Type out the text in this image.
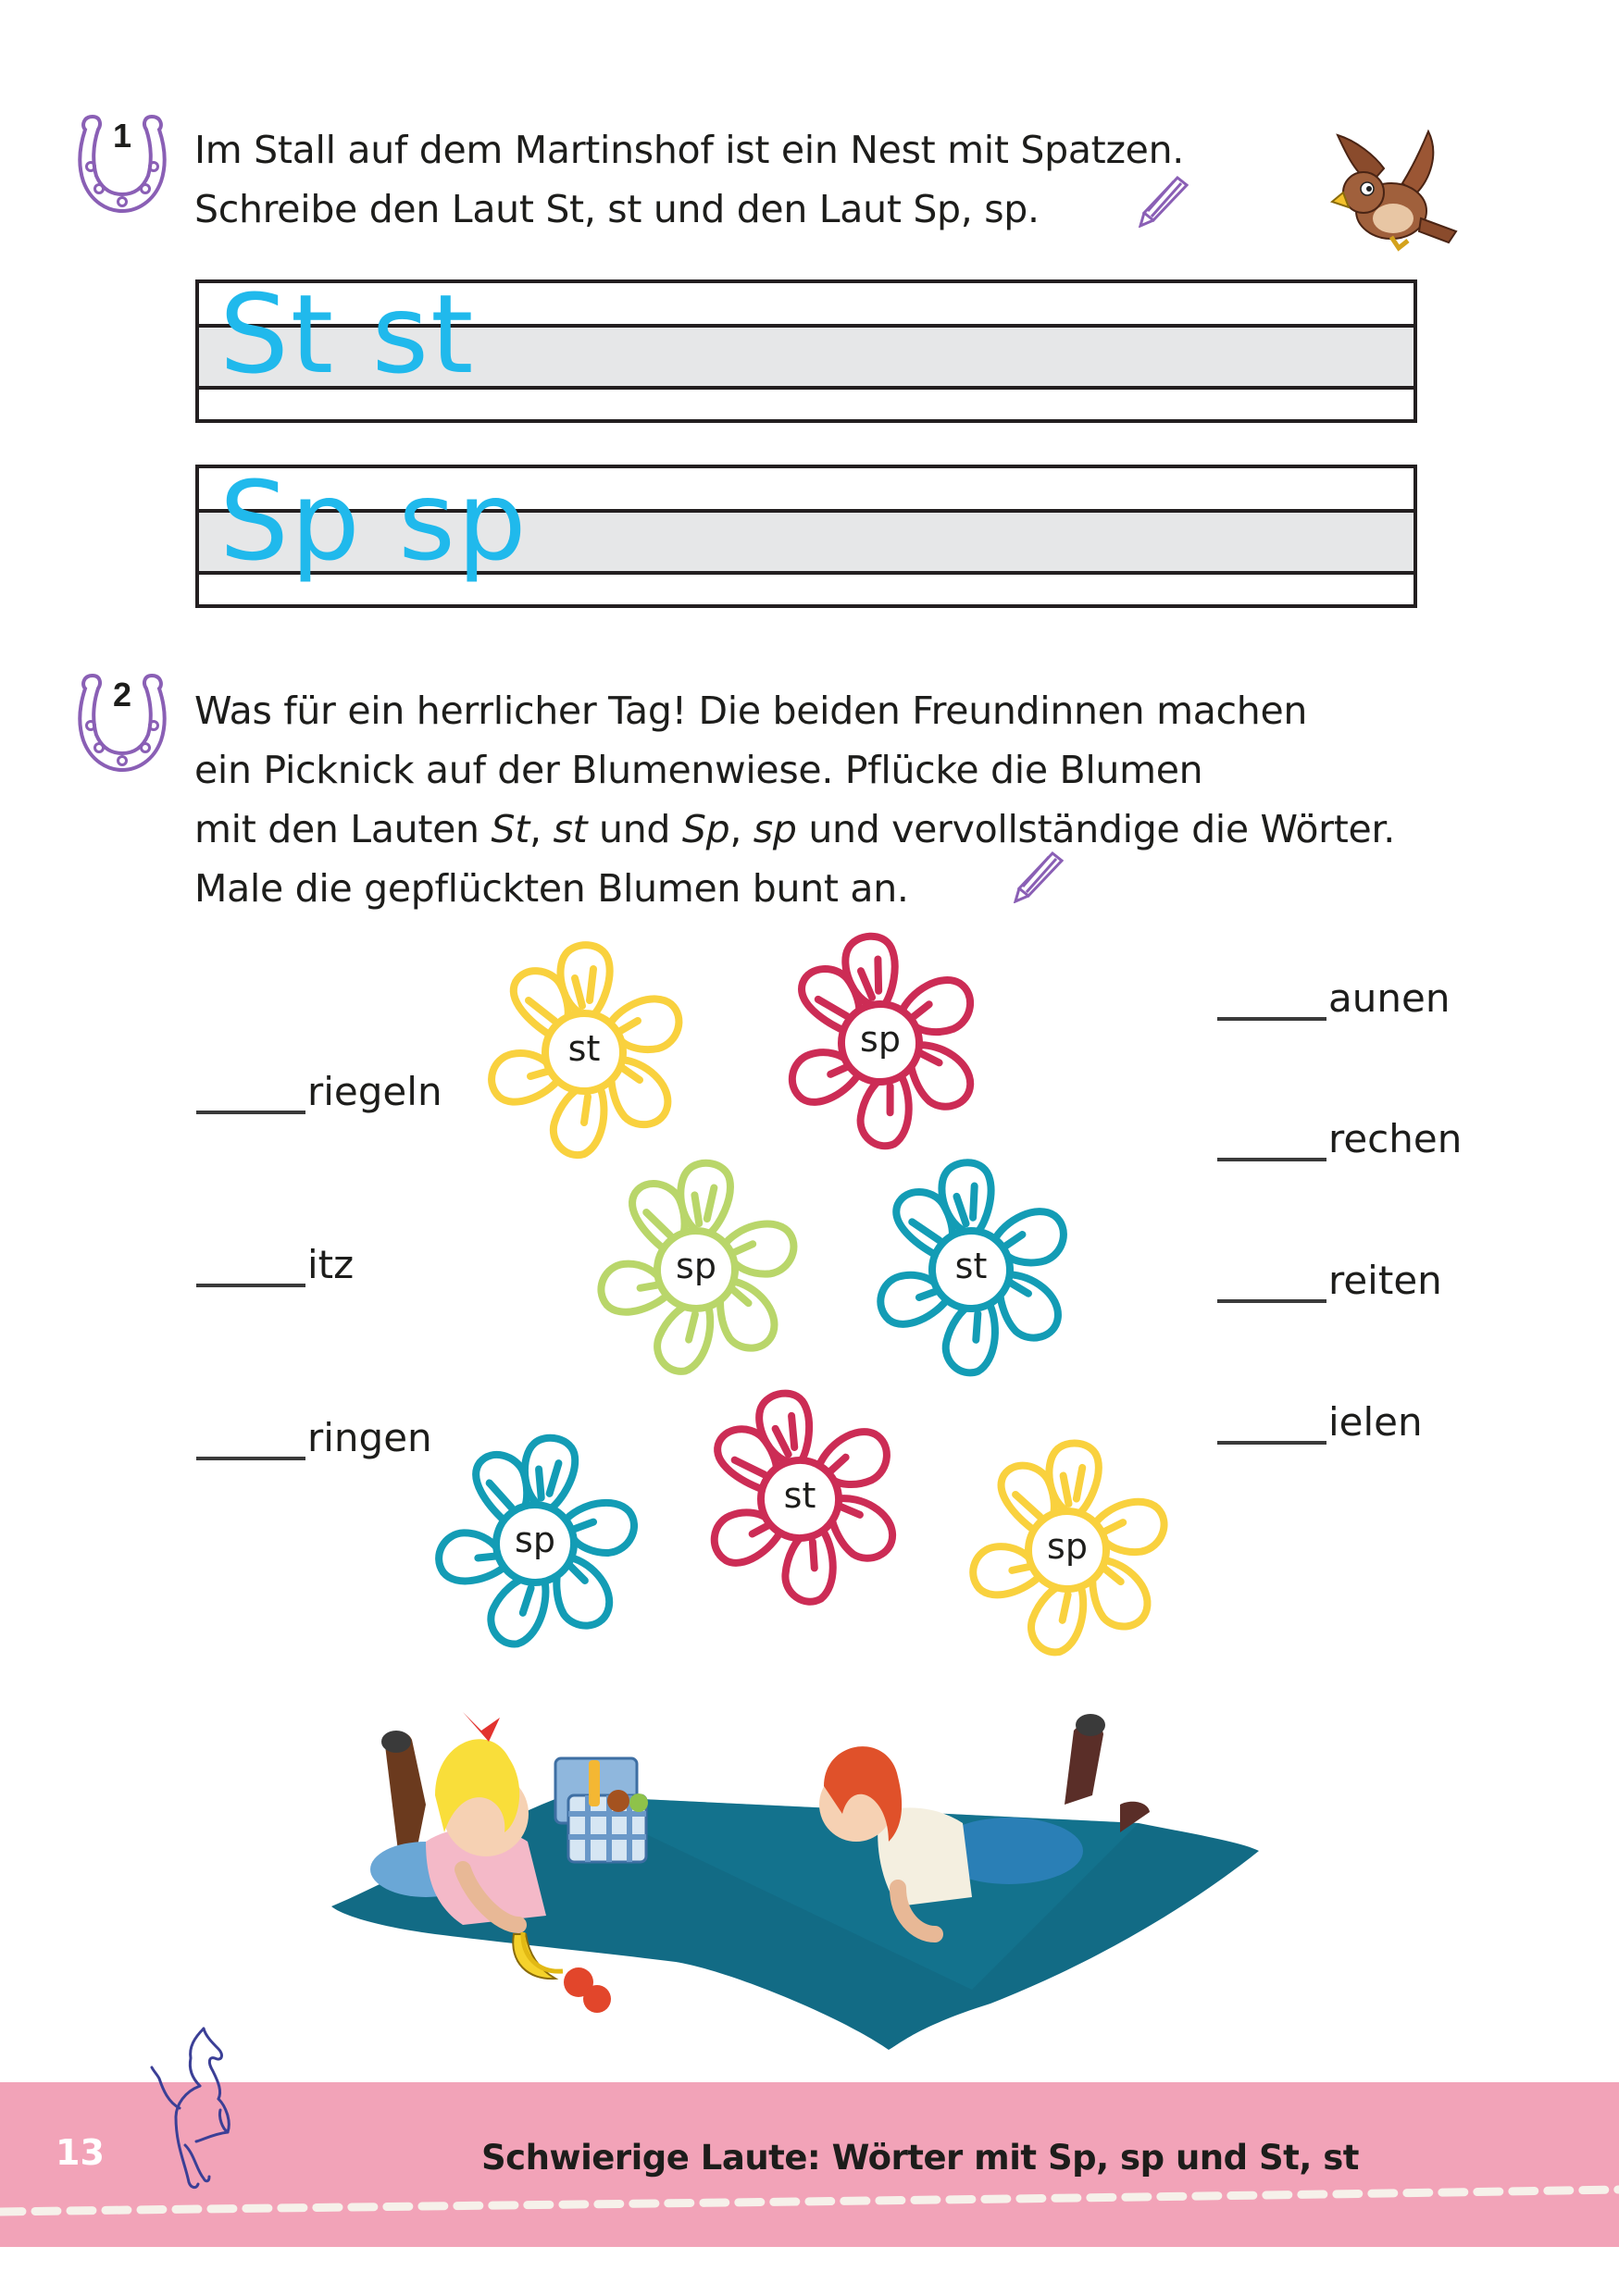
1	Im Stall auf dem Martinshof ist ein Nest mit Spatzen.
Schreibe den Laut St, st und den Laut Sp, sp.
St st
Sp sp
2	Was für ein herrlicher Tag! Die beiden Freundinnen machen
ein Picknick auf der Blumenwiese. Pflücke die Blumen
mit den Lauten St, st und Sp, sp und vervollständige die Wörter.
Male die gepflückten Blumen bunt an.
riegeln
itz
ringen
aunen
rechen
reiten
ielen
st	sp
sp	st
sp
st
sp
13	Schwierige Laute: Wörter mit Sp, sp und St, st
